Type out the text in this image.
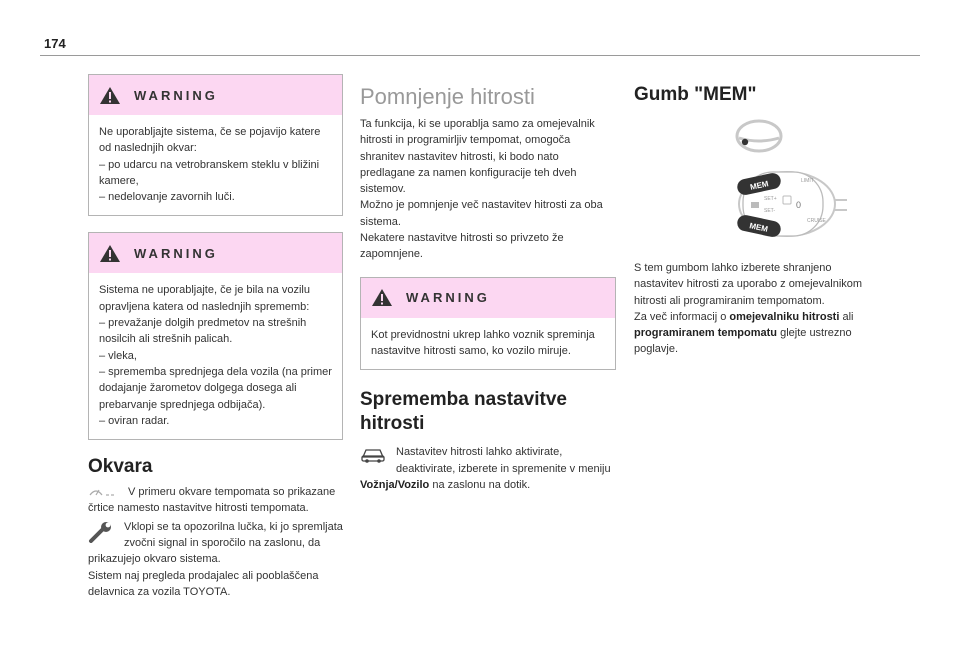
174
WARNING
Ne uporabljajte sistema, če se pojavijo katere od naslednjih okvar:
– po udarcu na vetrobranskem steklu v bližini kamere,
– nedelovanje zavornih luči.
WARNING
Sistema ne uporabljajte, če je bila na vozilu opravljena katera od naslednjih sprememb:
– prevažanje dolgih predmetov na strešnih nosilcih ali strešnih palicah.
– vleka,
– sprememba sprednjega dela vozila (na primer dodajanje žarometov dolgega dosega ali prebarvanje sprednjega odbijača).
– oviran radar.
Okvara
V primeru okvare tempomata so prikazane črtice namesto nastavitve hitrosti tempomata.
Vklopi se ta opozorilna lučka, ki jo spremljata zvočni signal in sporočilo na zaslonu, da prikazujejo okvaro sistema.
Sistem naj pregleda prodajalec ali pooblaščena delavnica za vozila TOYOTA.
Pomnjenje hitrosti
Ta funkcija, ki se uporablja samo za omejevalnik hitrosti in programirljiv tempomat, omogoča shranitev nastavitev hitrosti, ki bodo nato predlagane za namen konfiguracije teh dveh sistemov.
Možno je pomnjenje več nastavitev hitrosti za oba sistema.
Nekatere nastavitve hitrosti so privzeto že zapomnjene.
WARNING
Kot previdnostni ukrep lahko voznik spreminja nastavitve hitrosti samo, ko vozilo miruje.
Sprememba nastavitve hitrosti
Nastavitev hitrosti lahko aktivirate, deaktivirate, izberete in spremenite v meniju Vožnja/Vozilo na zaslonu na dotik.
Gumb "MEM"
MEM
MEM
SET+
SET-
0
LIMIT
CRUISE
S tem gumbom lahko izberete shranjeno nastavitev hitrosti za uporabo z omejevalnikom hitrosti ali programiranim tempomatom.
Za več informacij o omejevalniku hitrosti ali programiranem tempomatu glejte ustrezno poglavje.
